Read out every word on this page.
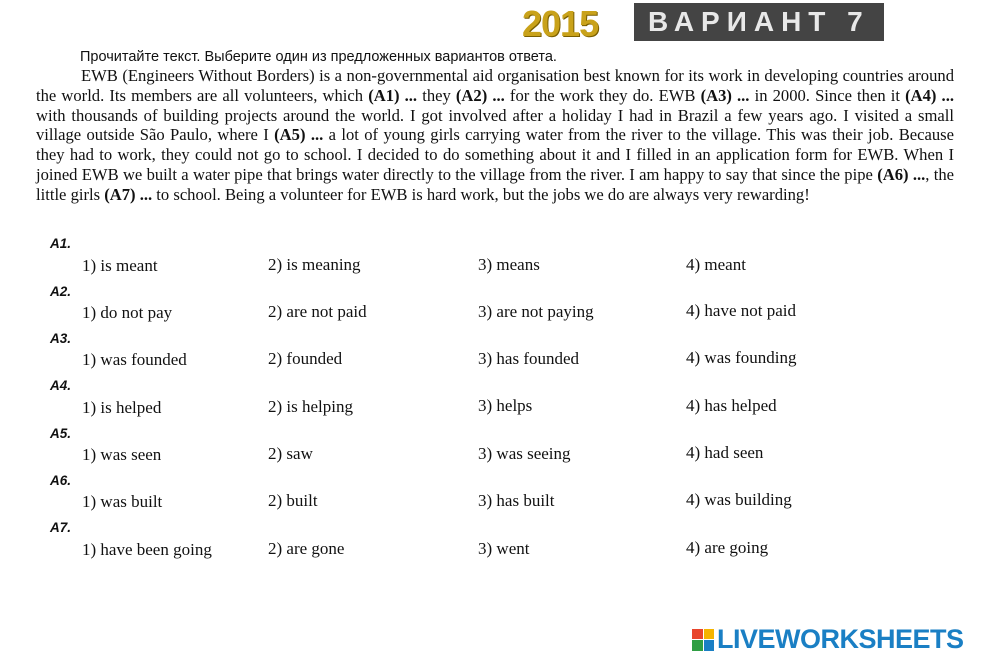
2015	ВАРИАНТ 7
Прочитайте текст. Выберите один из предложенных вариантов ответа.
EWB (Engineers Without Borders) is a non-governmental aid organisation best known for its work in developing countries around the world. Its members are all volunteers, which (A1) ... they (A2) ... for the work they do. EWB (A3) ... in 2000. Since then it (A4) ... with thousands of building projects around the world. I got involved after a holiday I had in Brazil a few years ago. I visited a small village outside São Paulo, where I (A5) ... a lot of young girls carrying water from the river to the village. This was their job. Because they had to work, they could not go to school. I decided to do something about it and I filled in an application form for EWB. When I joined EWB we built a water pipe that brings water directly to the village from the river. I am happy to say that since the pipe (A6) ..., the little girls (A7) ... to school. Being a volunteer for EWB is hard work, but the jobs we do are always very rewarding!
A1.
1) is meant	2) is meaning	3) means	4) meant
A2.
1) do not pay	2) are not paid	3) are not paying	4) have not paid
A3.
1) was founded	2) founded	3) has founded	4) was founding
A4.
1) is helped	2) is helping	3) helps	4) has helped
A5.
1) was seen	2) saw	3) was seeing	4) had seen
A6.
1) was built	2) built	3) has built	4) was building
A7.
1) have been going	2) are gone	3) went	4) are going
LIVEWORKSHEETS
